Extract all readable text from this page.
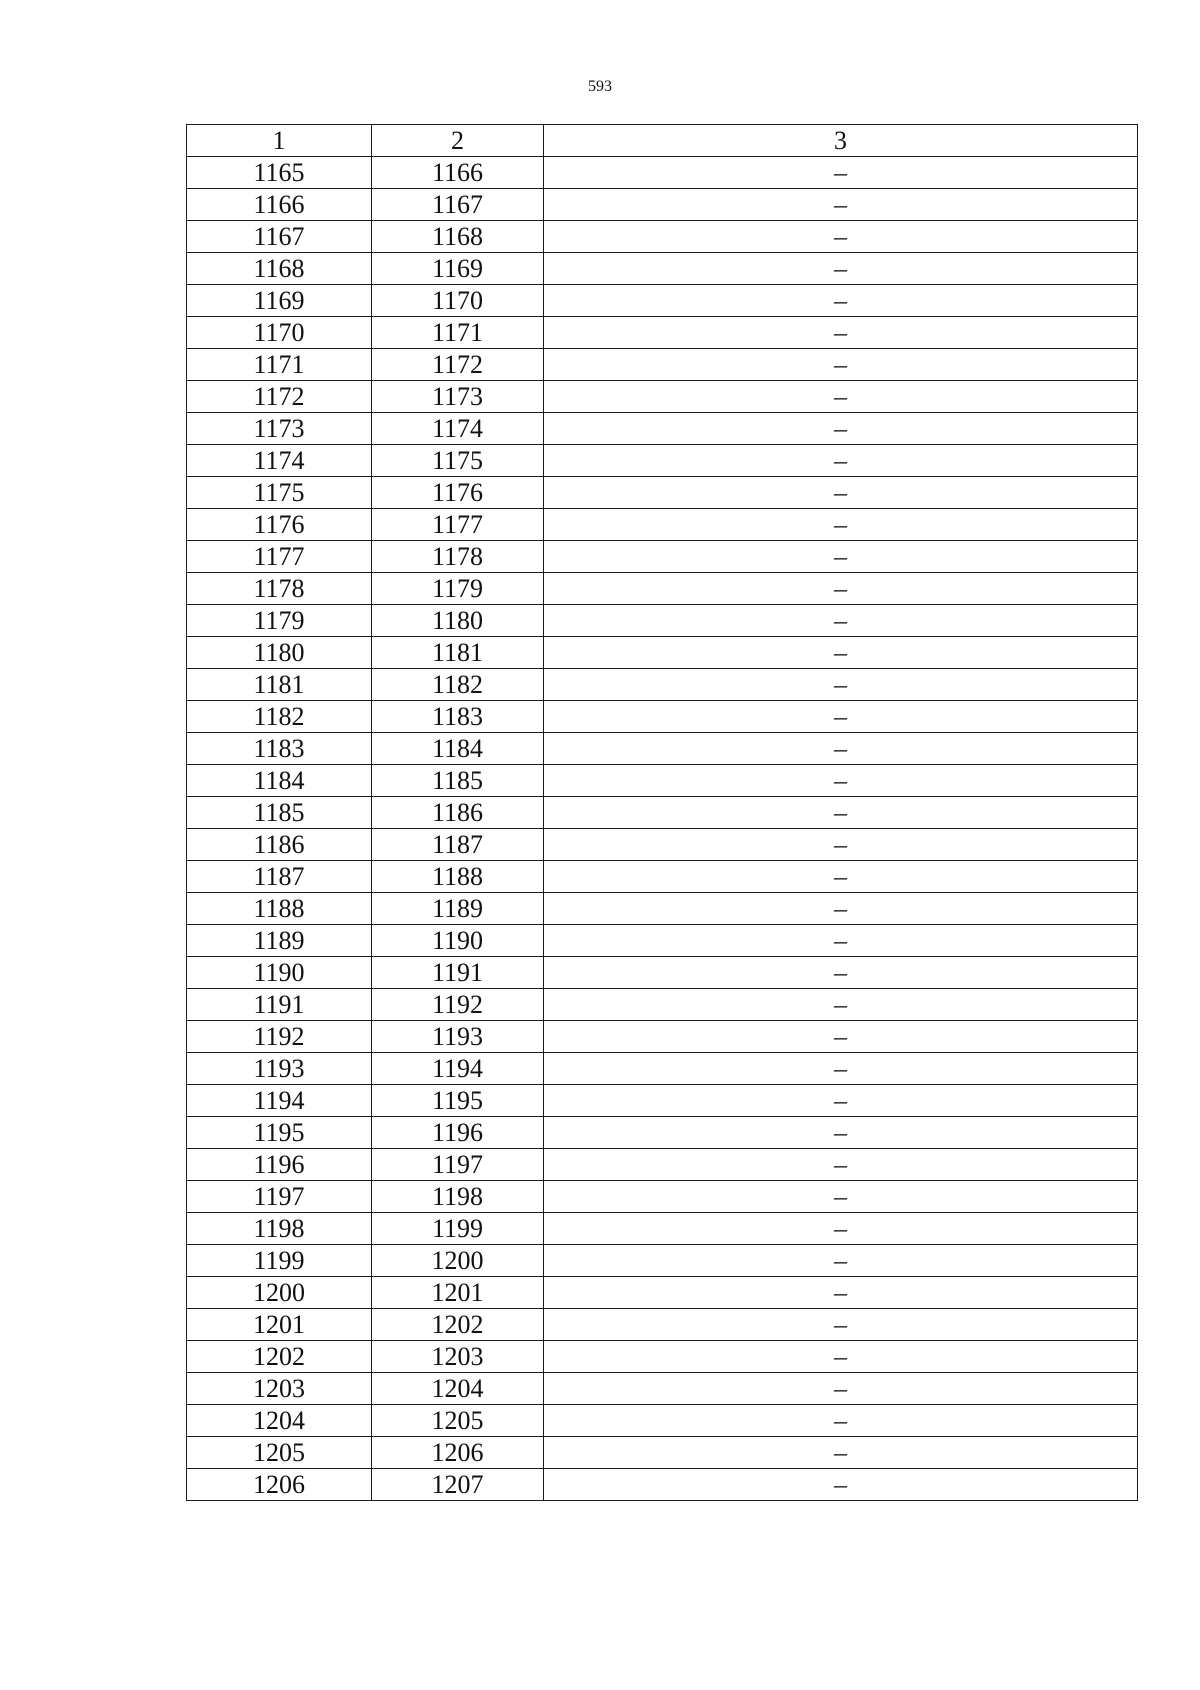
593
1	2	3
1165	1166	–
1166	1167	–
1167	1168	–
1168	1169	–
1169	1170	–
1170	1171	–
1171	1172	–
1172	1173	–
1173	1174	–
1174	1175	–
1175	1176	–
1176	1177	–
1177	1178	–
1178	1179	–
1179	1180	–
1180	1181	–
1181	1182	–
1182	1183	–
1183	1184	–
1184	1185	–
1185	1186	–
1186	1187	–
1187	1188	–
1188	1189	–
1189	1190	–
1190	1191	–
1191	1192	–
1192	1193	–
1193	1194	–
1194	1195	–
1195	1196	–
1196	1197	–
1197	1198	–
1198	1199	–
1199	1200	–
1200	1201	–
1201	1202	–
1202	1203	–
1203	1204	–
1204	1205	–
1205	1206	–
1206	1207	–
